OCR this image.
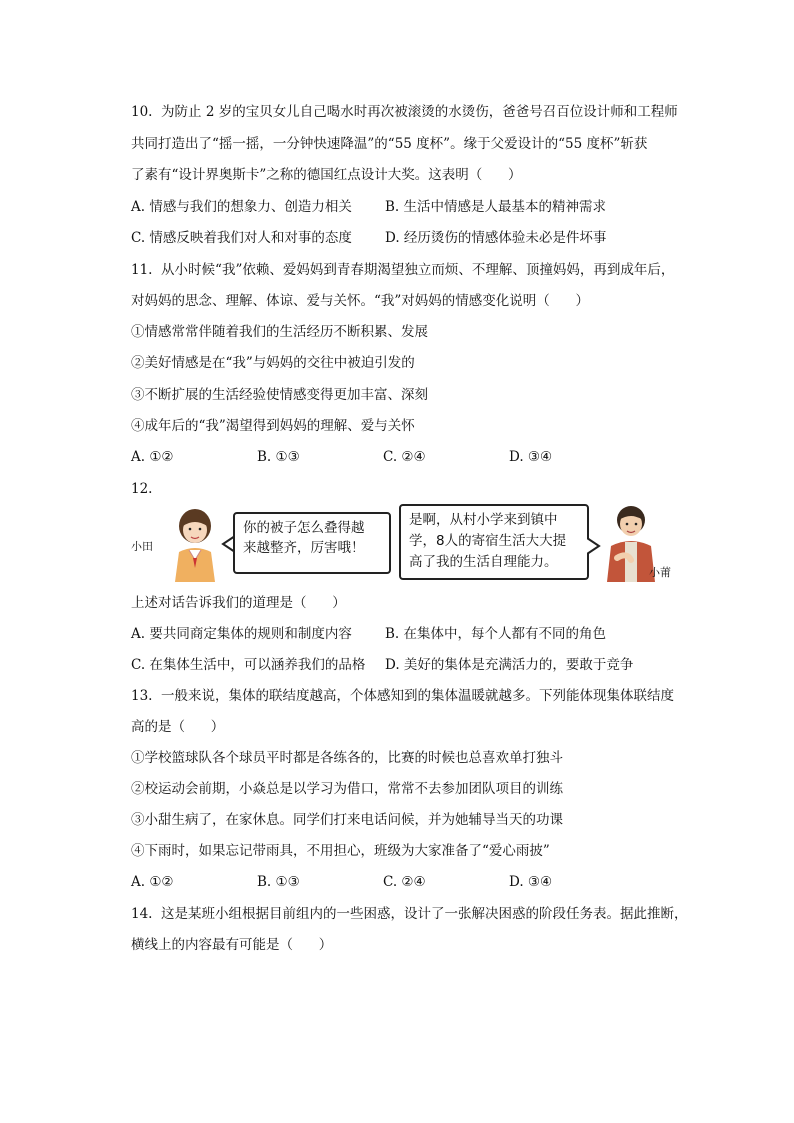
10.  为防止 2 岁的宝贝女儿自己喝水时再次被滚烫的水烫伤，爸爸号召百位设计师和工程师
共同打造出了“摇一摇，一分钟快速降温”的“55 度杯”。缘于父爱设计的“55 度杯”斩获
了素有“设计界奥斯卡”之称的德国红点设计大奖。这表明（      ）
A. 情感与我们的想象力、创造力相关 B. 生活中情感是人最基本的精神需求
C. 情感反映着我们对人和对事的态度 D. 经历烫伤的情感体验未必是件坏事
11.  从小时候“我”依赖、爱妈妈到青春期渴望独立而烦、不理解、顶撞妈妈，再到成年后，
对妈妈的思念、理解、体谅、爱与关怀。“我”对妈妈的情感变化说明（      ）
①情感常常伴随着我们的生活经历不断积累、发展
②美好情感是在“我”与妈妈的交往中被迫引发的
③不断扩展的生活经验使情感变得更加丰富、深刻
④成年后的“我”渴望得到妈妈的理解、爱与关怀
A. ①②	B. ①③	C. ②④	D. ③④
12.
小田
你的被子怎么叠得越
来越整齐，厉害哦！
是啊，从村小学来到镇中
学，8人的寄宿生活大大提
高了我的生活自理能力。
小莆
上述对话告诉我们的道理是（      ）
A. 要共同商定集体的规则和制度内容 B. 在集体中，每个人都有不同的角色
C. 在集体生活中，可以涵养我们的品格 D. 美好的集体是充满活力的，要敢于竞争
13.  一般来说，集体的联结度越高，个体感知到的集体温暖就越多。下列能体现集体联结度
高的是（      ）
①学校篮球队各个球员平时都是各练各的，比赛的时候也总喜欢单打独斗
②校运动会前期，小焱总是以学习为借口，常常不去参加团队项目的训练
③小甜生病了，在家休息。同学们打来电话问候，并为她辅导当天的功课
④下雨时，如果忘记带雨具，不用担心，班级为大家准备了“爱心雨披”
A. ①②	B. ①③	C. ②④	D. ③④
14.  这是某班小组根据目前组内的一些困惑，设计了一张解决困惑的阶段任务表。据此推断，
横线上的内容最有可能是（      ）
